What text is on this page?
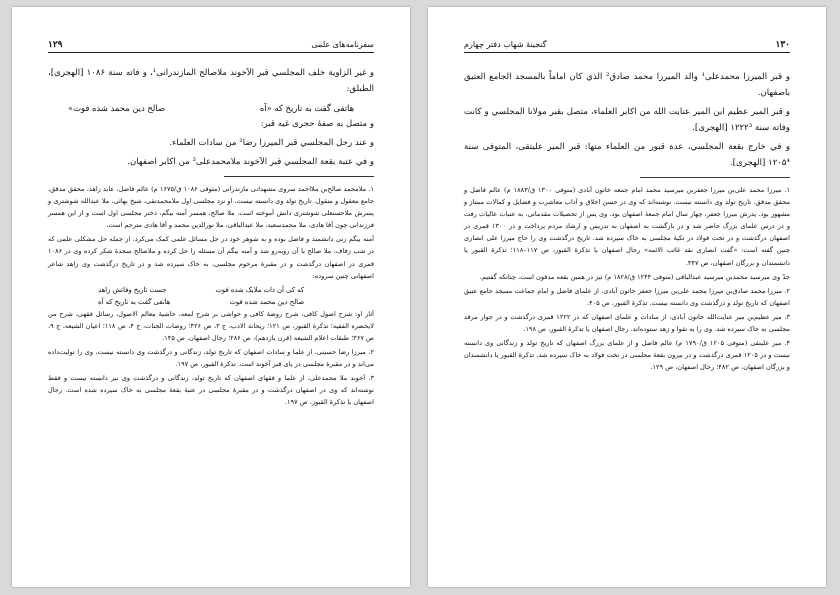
۱۲۹	سفرنامه‌های علمی

و غير الزاوية خلف المجلسي قبر الآخوند ملاصالح المازندرانی¹، و فاته سنة ۱۰۸۶ [الهجری]، الطبلق:

هاتفی گفت به تاریخ که «آه
صالح دین محمد شده فوت»

و متصل به صفهٔ حجری غیه قبر:

و عند رجل المجلسي قبر الميرزا رضا² من سادات العلماء.

و في عتبة بقعة المجلسي قبر الآخوند ملامحمدعلی³ من اكابر اصفهان.

۱. ملامحمد صالح‌بن ملااحمد سروی مشهدانی مازندرانی (متوفی ۱۰۸۶ ق/۱۶۷۵ م) عالم فاضل، عابد زاهد، محقق مدقق، جامع معقول و منقول. تاریخ تولد وی دانسته نیست. او نزد مجلسی اول ملامحمدتقی، شیخ بهائی، ملا عبدالله شوشتری و پسرش ملاحسنعلی شوشتری دانش آموخته است. ملا صالح، همسر آمنه بیگم، دختر مجلسی اول است و از این همسر فرزندانی چون آقا هادی، ملا محمدسعید، ملا عبدالباقی، ملا نورالدین محمد و آقا هادی مترجم است.

آمنه بیگم زنی دانشمند و فاضل بوده و به شوهر خود در حل مسائل علمی کمک می‌کرد، از جمله حل مشکلی علمی که در شب زفاف، ملا صالح با آن روبه‌رو شد و آمنه بیگم آن مسئله را حل کرده و ملاصالح سجدهٔ شکر کرده وی در ۱۰۸۶ قمری در اصفهان درگذشت و در مقبرهٔ مرحوم مجلسی، به خاک سپرده شد و در تاریخ درگذشت وی زاهد شاعر اصفهانی چنین سروده:

که کی آن ذات ملایک شده فوت
جست تاریخ وفاتش زاهد
صالح دین محمد شده فوت
هاتفی گفت به تاریخ که آه

آثار او: شرح اصول کافی، شرح روضهٔ کافی و حواشی بر شرح لمعه، حاشیهٔ معالم الاصول، رسائل فقهی، شرح من لایحضره الفقیه؛ تذکرهٔ القبور، ص ۱۲۱؛ ریحانة الادب، ج ۳، ص ۴۲۶؛ روضات الجنات، ج ۴، ص ۱۱۸؛ اعیان الشیعه، ج ۹، ص ۳۶۷؛ طبقات اعلام الشیعه (قرن یازدهم)، ص ۲۸۶؛ رجال اصفهان، ص ۱۴۵.

۲. میرزا رضا حسینی، از علما و سادات اصفهان که تاریخ تولد، زندگانی و درگذشت وی دانسته نیست، وی را تولیت‌داده می‌اند و در مقبرهٔ مجلسی در پای قبر آخوند است. تذکرهٔ القبور، ص ۱۹۷.

۳. آخوند ملا محمدعلی، از علما و فقهای اصفهان که تاریخ تولد، زندگانی و درگذشت وی نیز دانسته نیست و فقط نوشته‌اند که وی در اصفهان درگذشت و در مقبرهٔ مجلسی در عتبهٔ بقعهٔ مجلسی به خاک سپرده شده است. رجال اصفهان یا تذکرهٔ القبور، ص ۱۹۷.

۱۳۰
گنجینهٔ شهاب دفتر چهارم

و قبر الميرزا محمدعلی¹ والد الميرزا محمد صادق² الذي كان اماماً بالمسجد الجامع العتيق باصفهان.

و قبر المير عظيم ابن المير عنايت الله من اكابر العلماء، متصل بقبر مولانا المجلسي و كانت وفاته سنة ۱۲۲۲³ [الهجری].

و في خارج بقعة المجلسي، عدة قبور من العلماء منها: قبر المير عليتقی، المتوفی سنة ۱۲۰۵⁴ [الهجری].

۱. میرزا محمد علی‌بن میرزا جعفربن میرسید محمد امام جمعه خاتون آبادی (متوفی ۱۳۰۰ ق/۱۸۸۳ م) عالم فاضل و محقق مدقق. تاریخ تولد وی دانسته نیست. نوشته‌اند که وی در حسن اخلاق و آداب معاشرت و فضایل و کمالات ممتاز و مشهور بود. پدرش میرزا جعفر، چهار سال امام جمعهٔ اصفهان بود. وی پس از تحصیلات مقدماتی، به عتبات عالیات رفت و در درس علمای بزرگ حاضر شد و در بازگشت به اصفهان به تدریس و ارشاد مردم پرداخت و در ۱۳۰۰ قمری در اصفهان درگذشت و در تخت فولاد در تکیهٔ مجلسی به خاک سپرده شد. تاریخ درگذشت وی را حاج میرزا علی انصاری چنین گفته است: «گفت انصاری نقد غائب الائمه» رجال اصفهان یا تذکرهٔ القبور، ص ۱۱۷–۱۱۸؛ تذکرهٔ القبور یا دانشمندان و بزرگان اصفهان، ص ۴۴۷.

جدّ وی میرسید محمدبن میرسید عبدالباقی (متوفی ۱۲۴۴ ق/۱۸۲۸ م) نیز در همین بقعه مدفون است، چنانکه گفتیم.

۲. میرزا محمد صادق‌بن میرزا محمد علی‌بن میرزا جعفر خاتون آبادی، از علمای فاضل و امام جماعت مسجد جامع عتیق اصفهان که تاریخ تولد و درگذشت وی دانسته نیست. تذکرهٔ القبور، ص ۴۰۵.

۳. میر عظیم‌بن میر عنایت‌الله خاتون آبادی، از سادات و علمای اصفهان که در ۱۲۲۲ قمری درگذشت و در جوار مرقد مجلسی به خاک سپرده شد. وی را به تقوا و زهد ستوده‌اند. رجال اصفهان یا تذکرهٔ القبور، ص ۱۹۸.

۴. میر علیتقی (متوفی ۱۲۰۵ ق/۱۷۹۰ م) عالم فاضل و از علمای بزرگ اصفهان که تاریخ تولد و زندگانی وی دانسته نیست و در ۱۲۰۵ قمری درگذشت و در بیرون بقعهٔ مجلسی در تخت فولاد به خاک سپرده شد. تذکرهٔ القبور یا دانشمندان و بزرگان اصفهان، ص ۴۸۲؛ رجال اصفهان، ص ۱۲۹.
